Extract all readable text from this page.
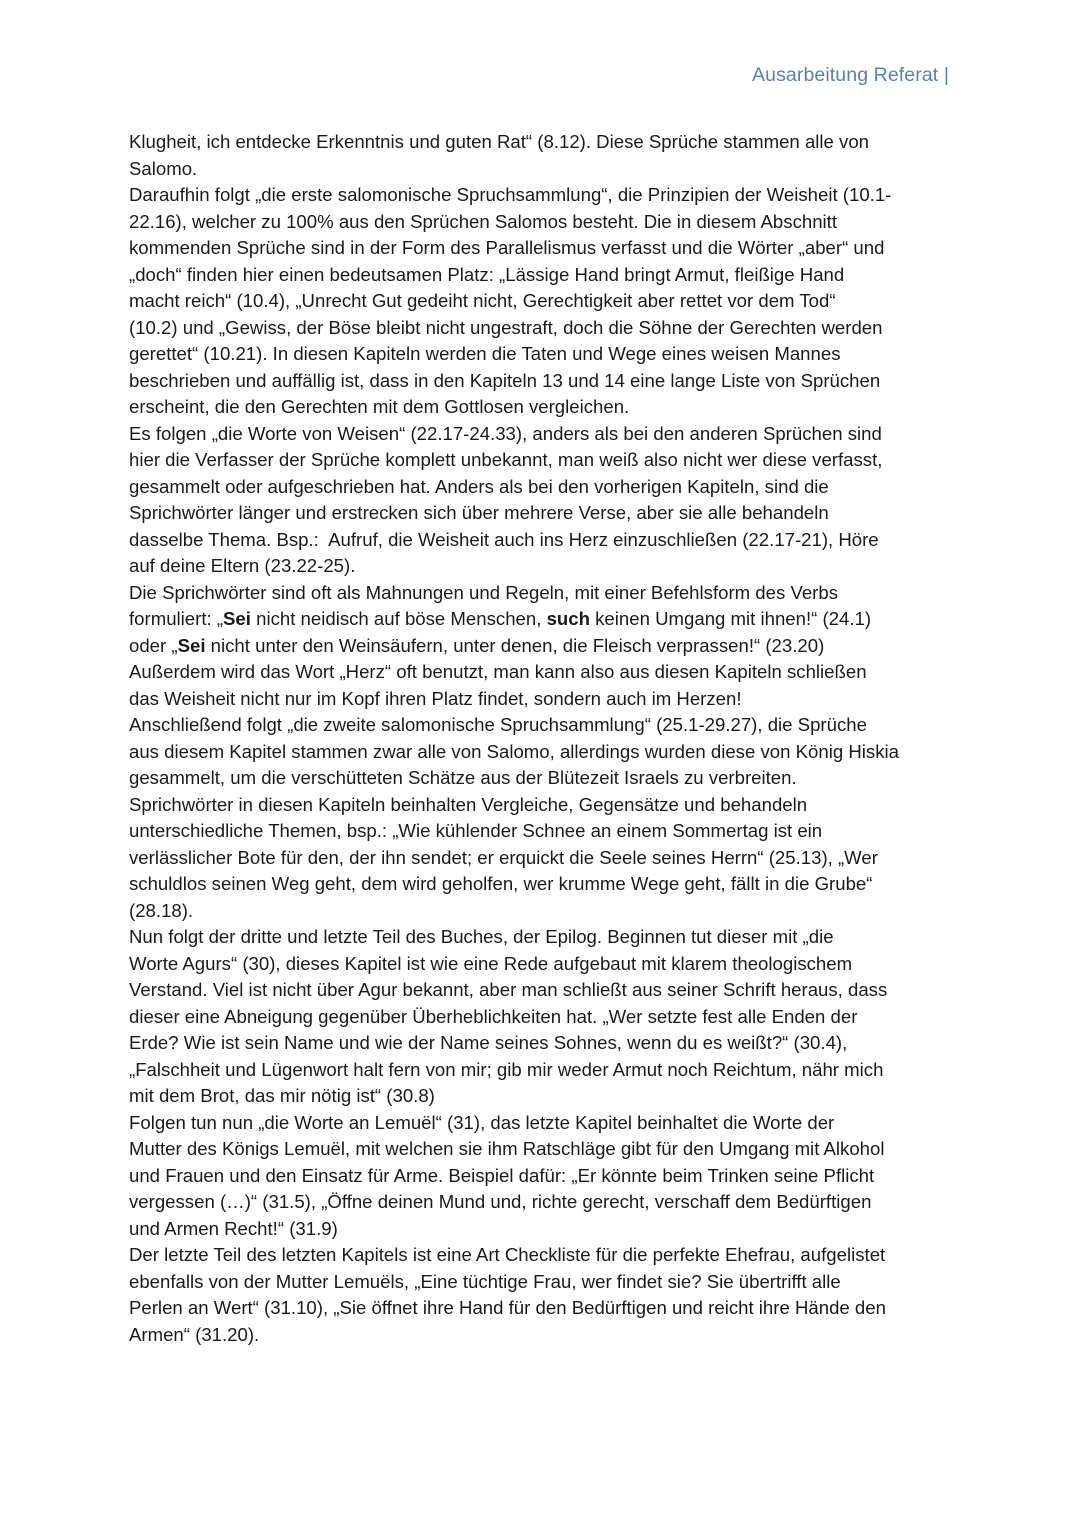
Ausarbeitung Referat |
Klugheit, ich entdecke Erkenntnis und guten Rat“ (8.12). Diese Sprüche stammen alle von
Salomo.
Daraufhin folgt „die erste salomonische Spruchsammlung“, die Prinzipien der Weisheit (10.1-
22.16), welcher zu 100% aus den Sprüchen Salomos besteht. Die in diesem Abschnitt
kommenden Sprüche sind in der Form des Parallelismus verfasst und die Wörter „aber“ und
„doch“ finden hier einen bedeutsamen Platz: „Lässige Hand bringt Armut, fleißige Hand
macht reich“ (10.4), „Unrecht Gut gedeiht nicht, Gerechtigkeit aber rettet vor dem Tod“
(10.2) und „Gewiss, der Böse bleibt nicht ungestraft, doch die Söhne der Gerechten werden
gerettet“ (10.21). In diesen Kapiteln werden die Taten und Wege eines weisen Mannes
beschrieben und auffällig ist, dass in den Kapiteln 13 und 14 eine lange Liste von Sprüchen
erscheint, die den Gerechten mit dem Gottlosen vergleichen.
Es folgen „die Worte von Weisen“ (22.17-24.33), anders als bei den anderen Sprüchen sind
hier die Verfasser der Sprüche komplett unbekannt, man weiß also nicht wer diese verfasst,
gesammelt oder aufgeschrieben hat. Anders als bei den vorherigen Kapiteln, sind die
Sprichwörter länger und erstrecken sich über mehrere Verse, aber sie alle behandeln
dasselbe Thema. Bsp.:  Aufruf, die Weisheit auch ins Herz einzuschließen (22.17-21), Höre
auf deine Eltern (23.22-25).
Die Sprichwörter sind oft als Mahnungen und Regeln, mit einer Befehlsform des Verbs
formuliert: „Sei nicht neidisch auf böse Menschen, such keinen Umgang mit ihnen!“ (24.1)
oder „Sei nicht unter den Weinsäufern, unter denen, die Fleisch verprassen!“ (23.20)
Außerdem wird das Wort „Herz“ oft benutzt, man kann also aus diesen Kapiteln schließen
das Weisheit nicht nur im Kopf ihren Platz findet, sondern auch im Herzen!
Anschließend folgt „die zweite salomonische Spruchsammlung“ (25.1-29.27), die Sprüche
aus diesem Kapitel stammen zwar alle von Salomo, allerdings wurden diese von König Hiskia
gesammelt, um die verschütteten Schätze aus der Blütezeit Israels zu verbreiten.
Sprichwörter in diesen Kapiteln beinhalten Vergleiche, Gegensätze und behandeln
unterschiedliche Themen, bsp.: „Wie kühlender Schnee an einem Sommertag ist ein
verlässlicher Bote für den, der ihn sendet; er erquickt die Seele seines Herrn“ (25.13), „Wer
schuldlos seinen Weg geht, dem wird geholfen, wer krumme Wege geht, fällt in die Grube“
(28.18).
Nun folgt der dritte und letzte Teil des Buches, der Epilog. Beginnen tut dieser mit „die
Worte Agurs“ (30), dieses Kapitel ist wie eine Rede aufgebaut mit klarem theologischem
Verstand. Viel ist nicht über Agur bekannt, aber man schließt aus seiner Schrift heraus, dass
dieser eine Abneigung gegenüber Überheblichkeiten hat. „Wer setzte fest alle Enden der
Erde? Wie ist sein Name und wie der Name seines Sohnes, wenn du es weißt?“ (30.4),
„Falschheit und Lügenwort halt fern von mir; gib mir weder Armut noch Reichtum, nähr mich
mit dem Brot, das mir nötig ist“ (30.8)
Folgen tun nun „die Worte an Lemuël“ (31), das letzte Kapitel beinhaltet die Worte der
Mutter des Königs Lemuël, mit welchen sie ihm Ratschläge gibt für den Umgang mit Alkohol
und Frauen und den Einsatz für Arme. Beispiel dafür: „Er könnte beim Trinken seine Pflicht
vergessen (…)“ (31.5), „Öffne deinen Mund und, richte gerecht, verschaff dem Bedürftigen
und Armen Recht!“ (31.9)
Der letzte Teil des letzten Kapitels ist eine Art Checkliste für die perfekte Ehefrau, aufgelistet
ebenfalls von der Mutter Lemuëls, „Eine tüchtige Frau, wer findet sie? Sie übertrifft alle
Perlen an Wert“ (31.10), „Sie öffnet ihre Hand für den Bedürftigen und reicht ihre Hände den
Armen“ (31.20).
